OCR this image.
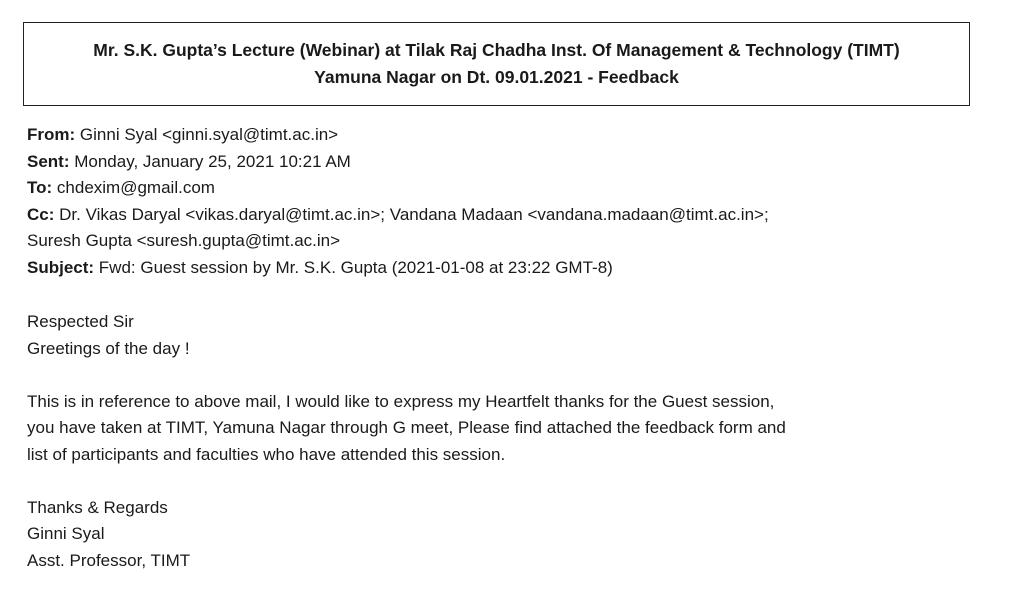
Mr. S.K. Gupta’s Lecture (Webinar) at Tilak Raj Chadha Inst. Of Management & Technology (TIMT)
Yamuna Nagar on Dt. 09.01.2021 - Feedback
From: Ginni Syal <ginni.syal@timt.ac.in>
Sent: Monday, January 25, 2021 10:21 AM
To: chdexim@gmail.com
Cc: Dr. Vikas Daryal <vikas.daryal@timt.ac.in>; Vandana Madaan <vandana.madaan@timt.ac.in>;
Suresh Gupta <suresh.gupta@timt.ac.in>
Subject: Fwd: Guest session by Mr. S.K. Gupta (2021-01-08 at 23:22 GMT-8)
Respected Sir
Greetings of the day !
This is in reference to above mail, I would like to express my Heartfelt thanks for the Guest session,
you have taken at TIMT, Yamuna Nagar through G meet, Please find attached the feedback form and
list of participants and faculties who have attended this session.
Thanks & Regards
Ginni Syal
Asst. Professor, TIMT
